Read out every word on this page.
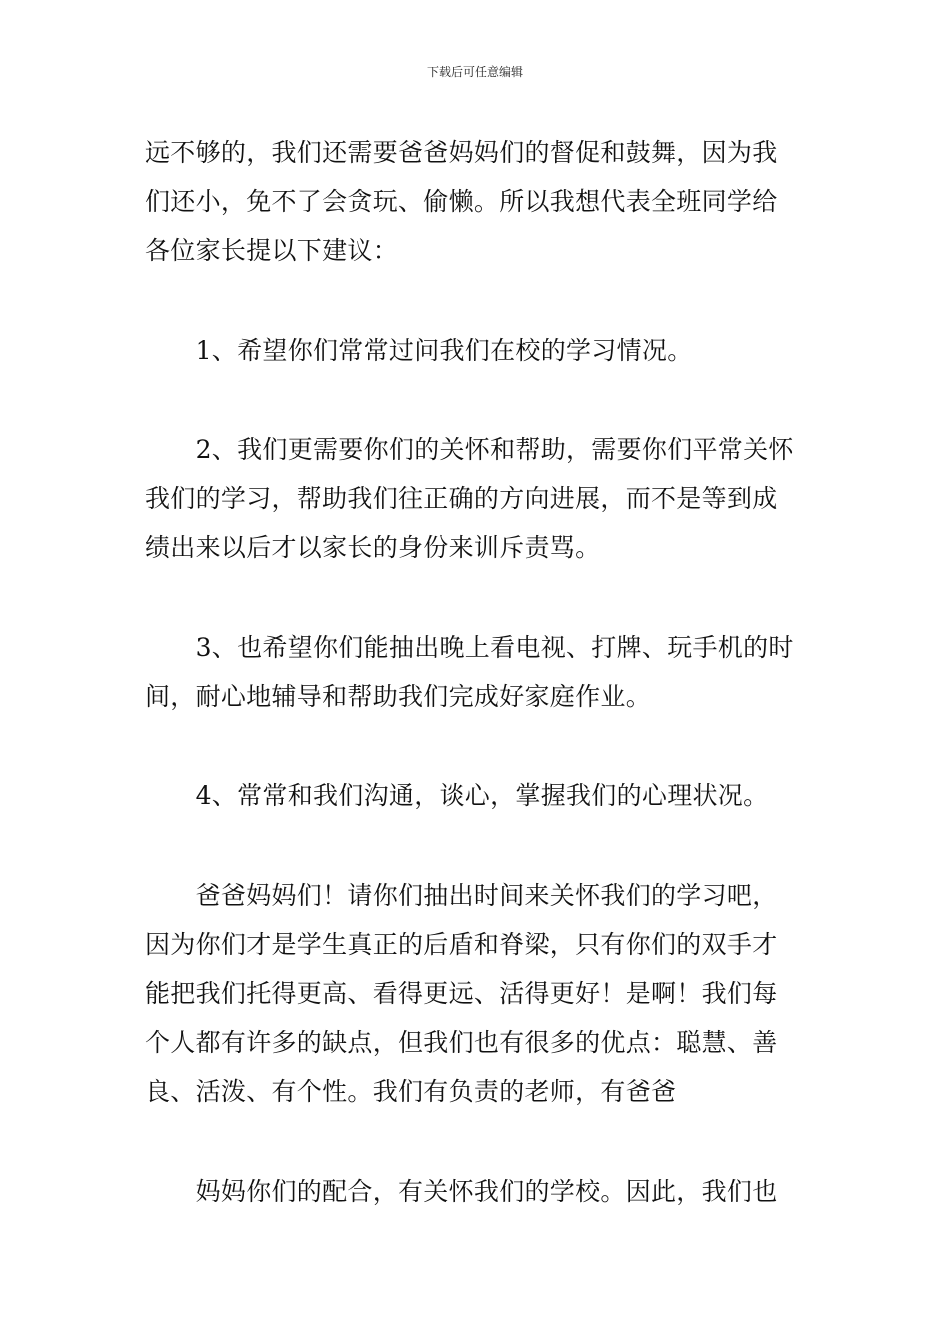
下载后可任意编辑
远不够的，我们还需要爸爸妈妈们的督促和鼓舞，因为我
们还小，免不了会贪玩、偷懒。所以我想代表全班同学给
各位家长提以下建议：
　　1、希望你们常常过问我们在校的学习情况。
　　2、我们更需要你们的关怀和帮助，需要你们平常关怀
我们的学习，帮助我们往正确的方向进展，而不是等到成
绩出来以后才以家长的身份来训斥责骂。
　　3、也希望你们能抽出晚上看电视、打牌、玩手机的时
间，耐心地辅导和帮助我们完成好家庭作业。
　　4、常常和我们沟通，谈心，掌握我们的心理状况。
　　爸爸妈妈们！请你们抽出时间来关怀我们的学习吧，
因为你们才是学生真正的后盾和脊梁，只有你们的双手才
能把我们托得更高、看得更远、活得更好！是啊！我们每
个人都有许多的缺点，但我们也有很多的优点：聪慧、善
良、活泼、有个性。我们有负责的老师，有爸爸
　　妈妈你们的配合，有关怀我们的学校。因此，我们也
